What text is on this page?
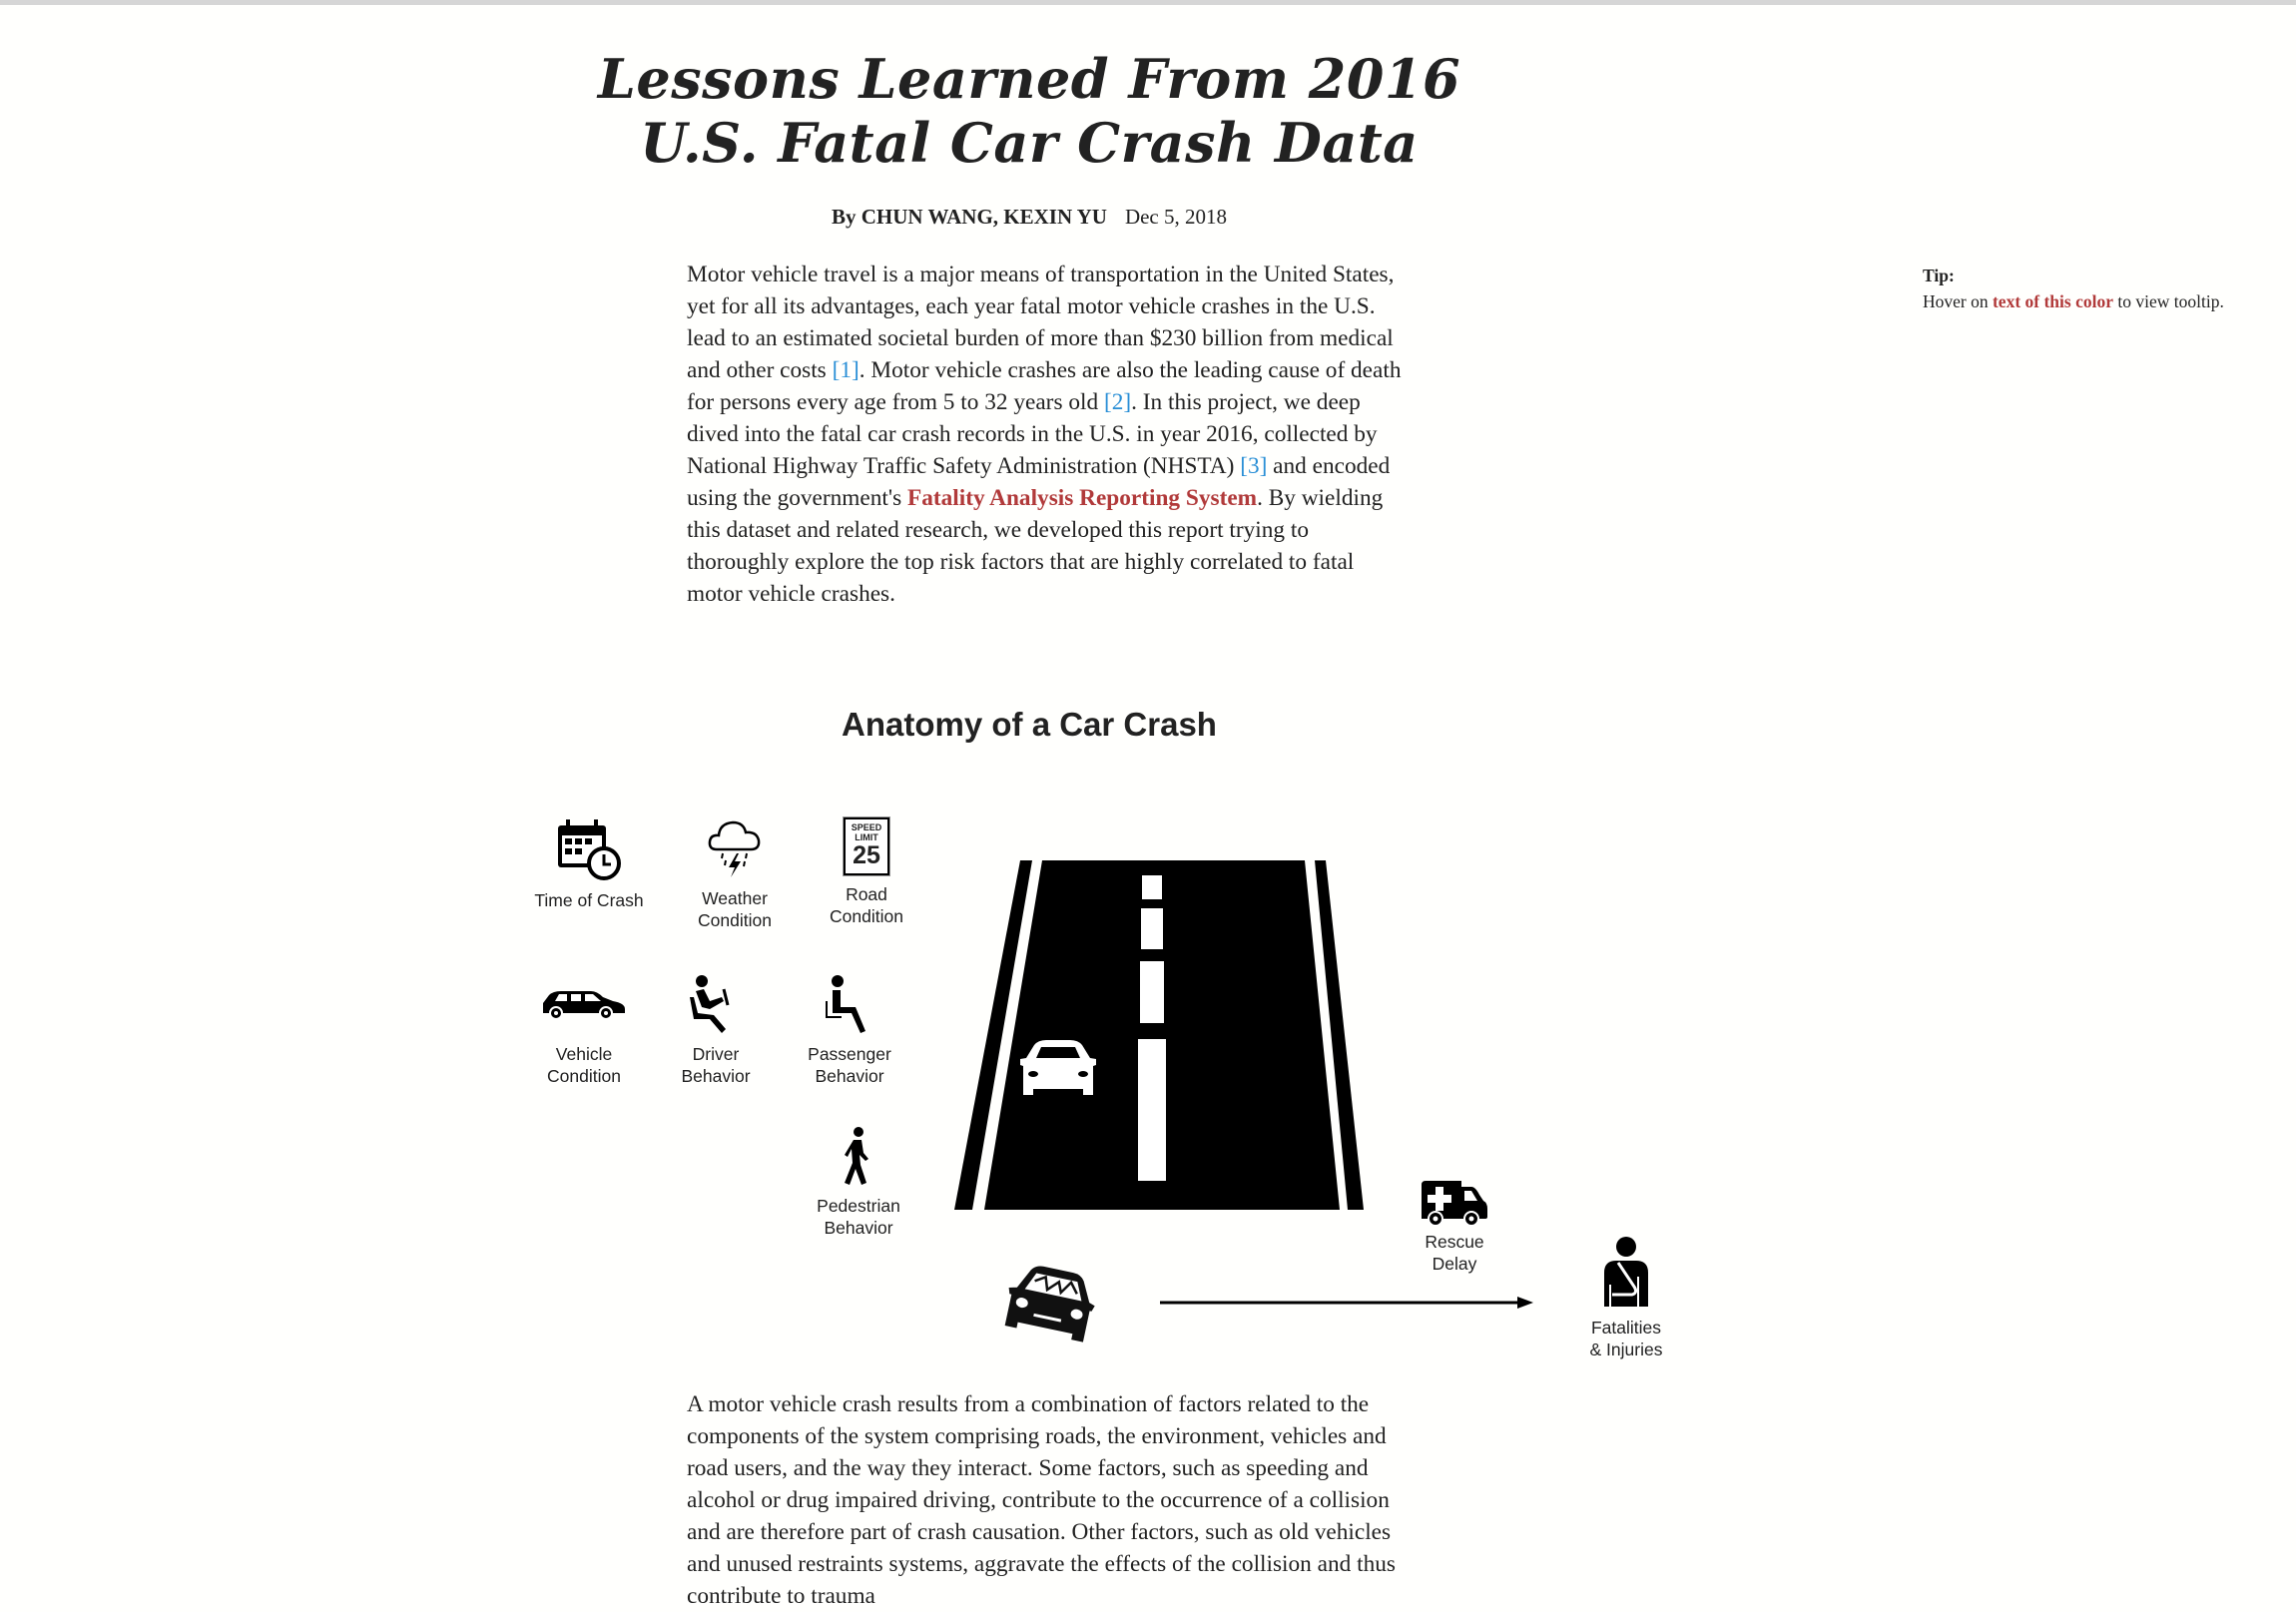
Lessons Learned From 2016
U.S. Fatal Car Crash Data
By CHUN WANG, KEXIN YU Dec 5, 2018
Motor vehicle travel is a major means of transportation in the United States, yet for all its advantages, each year fatal motor vehicle crashes in the U.S. lead to an estimated societal burden of more than $230 billion from medical and other costs [1]. Motor vehicle crashes are also the leading cause of death for persons every age from 5 to 32 years old [2]. In this project, we deep dived into the fatal car crash records in the U.S. in year 2016, collected by National Highway Traffic Safety Administration (NHSTA) [3] and encoded using the government's Fatality Analysis Reporting System. By wielding this dataset and related research, we developed this report trying to thoroughly explore the top risk factors that are highly correlated to fatal motor vehicle crashes.
Tip:
Hover on text of this color to view tooltip.
Anatomy of a Car Crash
Time of Crash	Weather
Condition
SPEED
LIMIT
25
Road
Condition
Vehicle
Condition
Driver
Behavior
Passenger
Behavior
Pedestrian
Behavior
Rescue
Delay
Fatalities
& Injuries
A motor vehicle crash results from a combination of factors related to the components of the system comprising roads, the environment, vehicles and road users, and the way they interact. Some factors, such as speeding and alcohol or drug impaired driving, contribute to the occurrence of a collision and are therefore part of crash causation. Other factors, such as old vehicles and unused restraints systems, aggravate the effects of the collision and thus contribute to trauma
